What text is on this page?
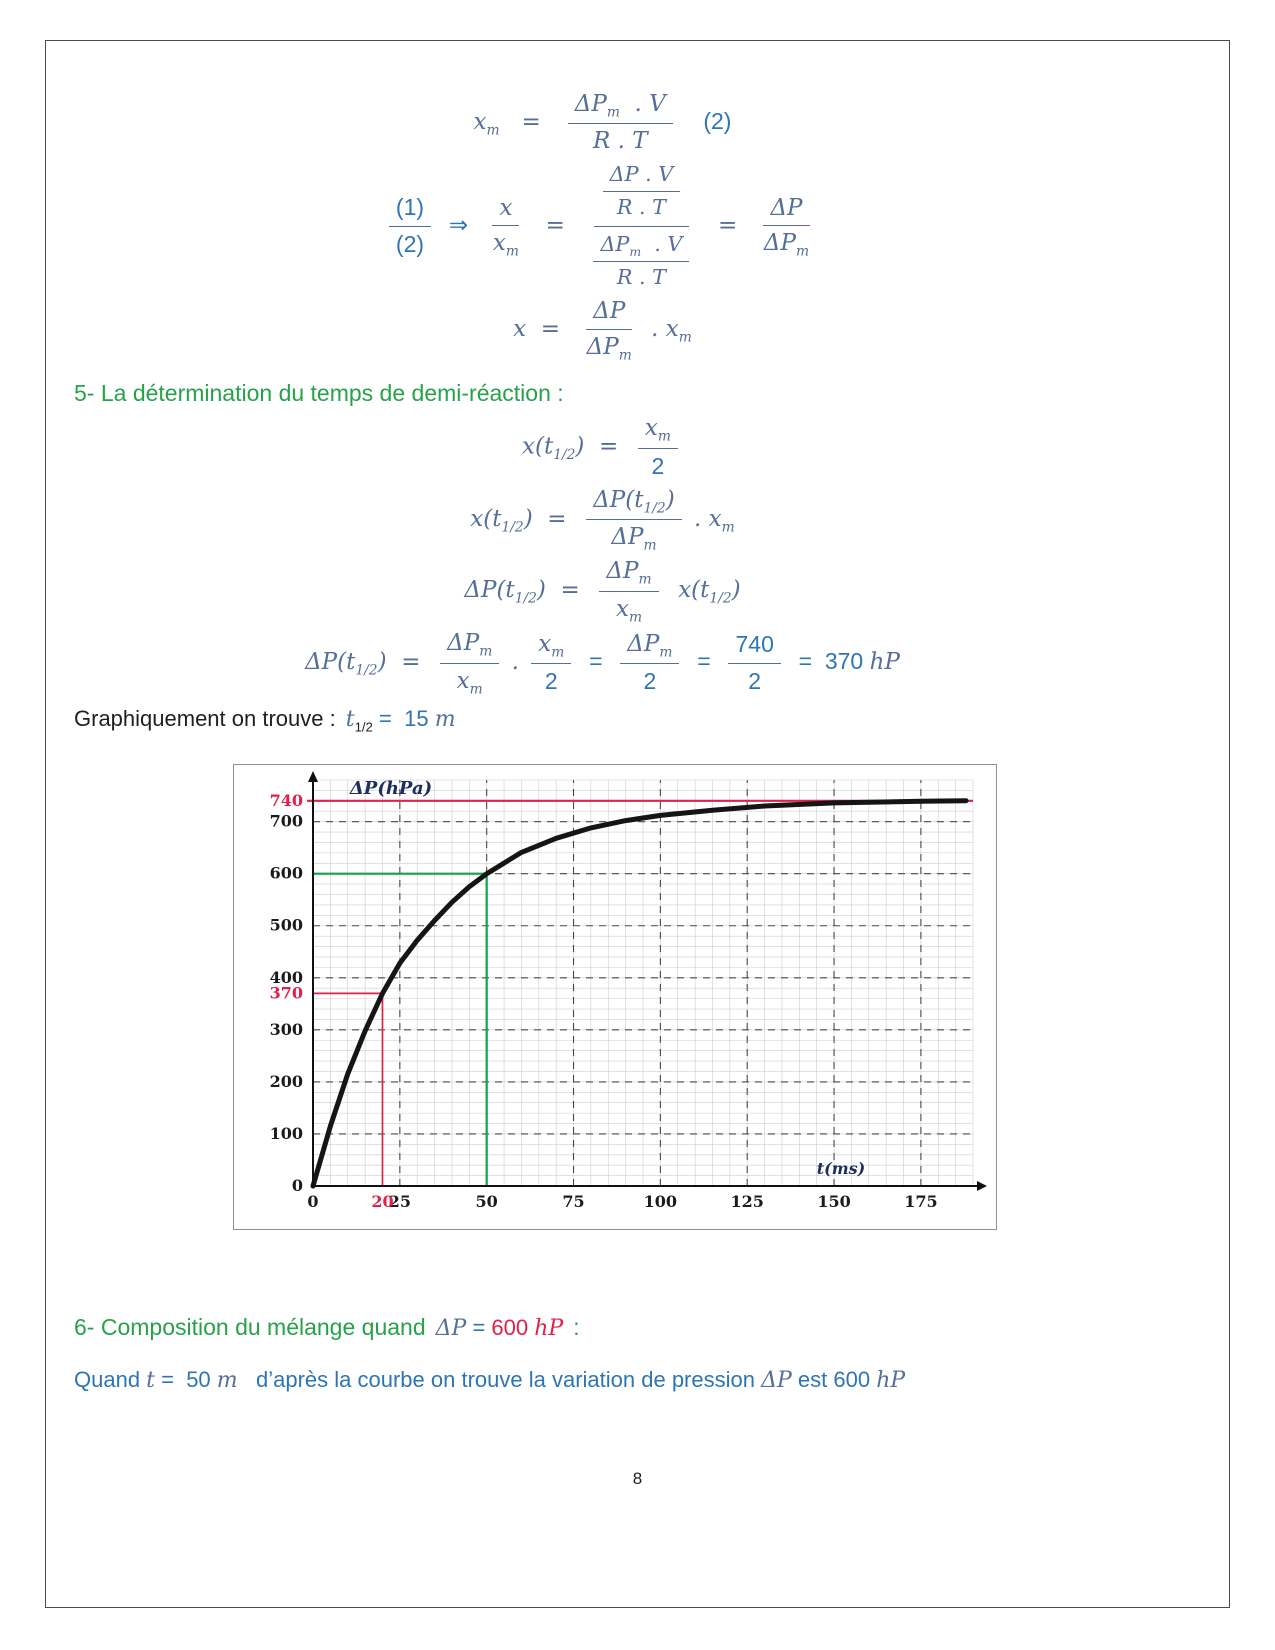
$x_m = \frac{\Delta P_m . V}{R . T} (2)$
$\frac{(1)}{(2)}$ ⇒ $\frac{x}{x_m} = \frac{\frac{\Delta P . V}{R . T}}{\frac{\Delta P_m . V}{R . T}} = \frac{\Delta P}{\Delta P_m}$
$x = \frac{\Delta P}{\Delta P_m}$ . $x_m$
5- La détermination du temps de demi-réaction :
$x(t_{1/2}) = \frac{x_m}{2}$
$x(t_{1/2}) = \frac{\Delta P(t_{1/2})}{\Delta P_m}$ . $x_m$
$\Delta P(t_{1/2}) = \frac{\Delta P_m}{x_m} x(t_{1/2})$
$\Delta P(t_{1/2}) = \frac{\Delta P_m}{x_m}$ . $\frac{x_m}{2} = \frac{\Delta P_m}{2} = \frac{740}{2} = 370$ hP
Graphiquement on trouve : $t_{1/2} = 15$ m
0
100
200
300
400
500
600
700
0	25	50	75	100	125	150	175
740
370
20
ΔP(hPa)
t(ms)
6- Composition du mélange quand ΔP = 600 hP :
Quand t =  50 m   d’après la courbe on trouve la variation de pression ΔP est 600 hP
8
